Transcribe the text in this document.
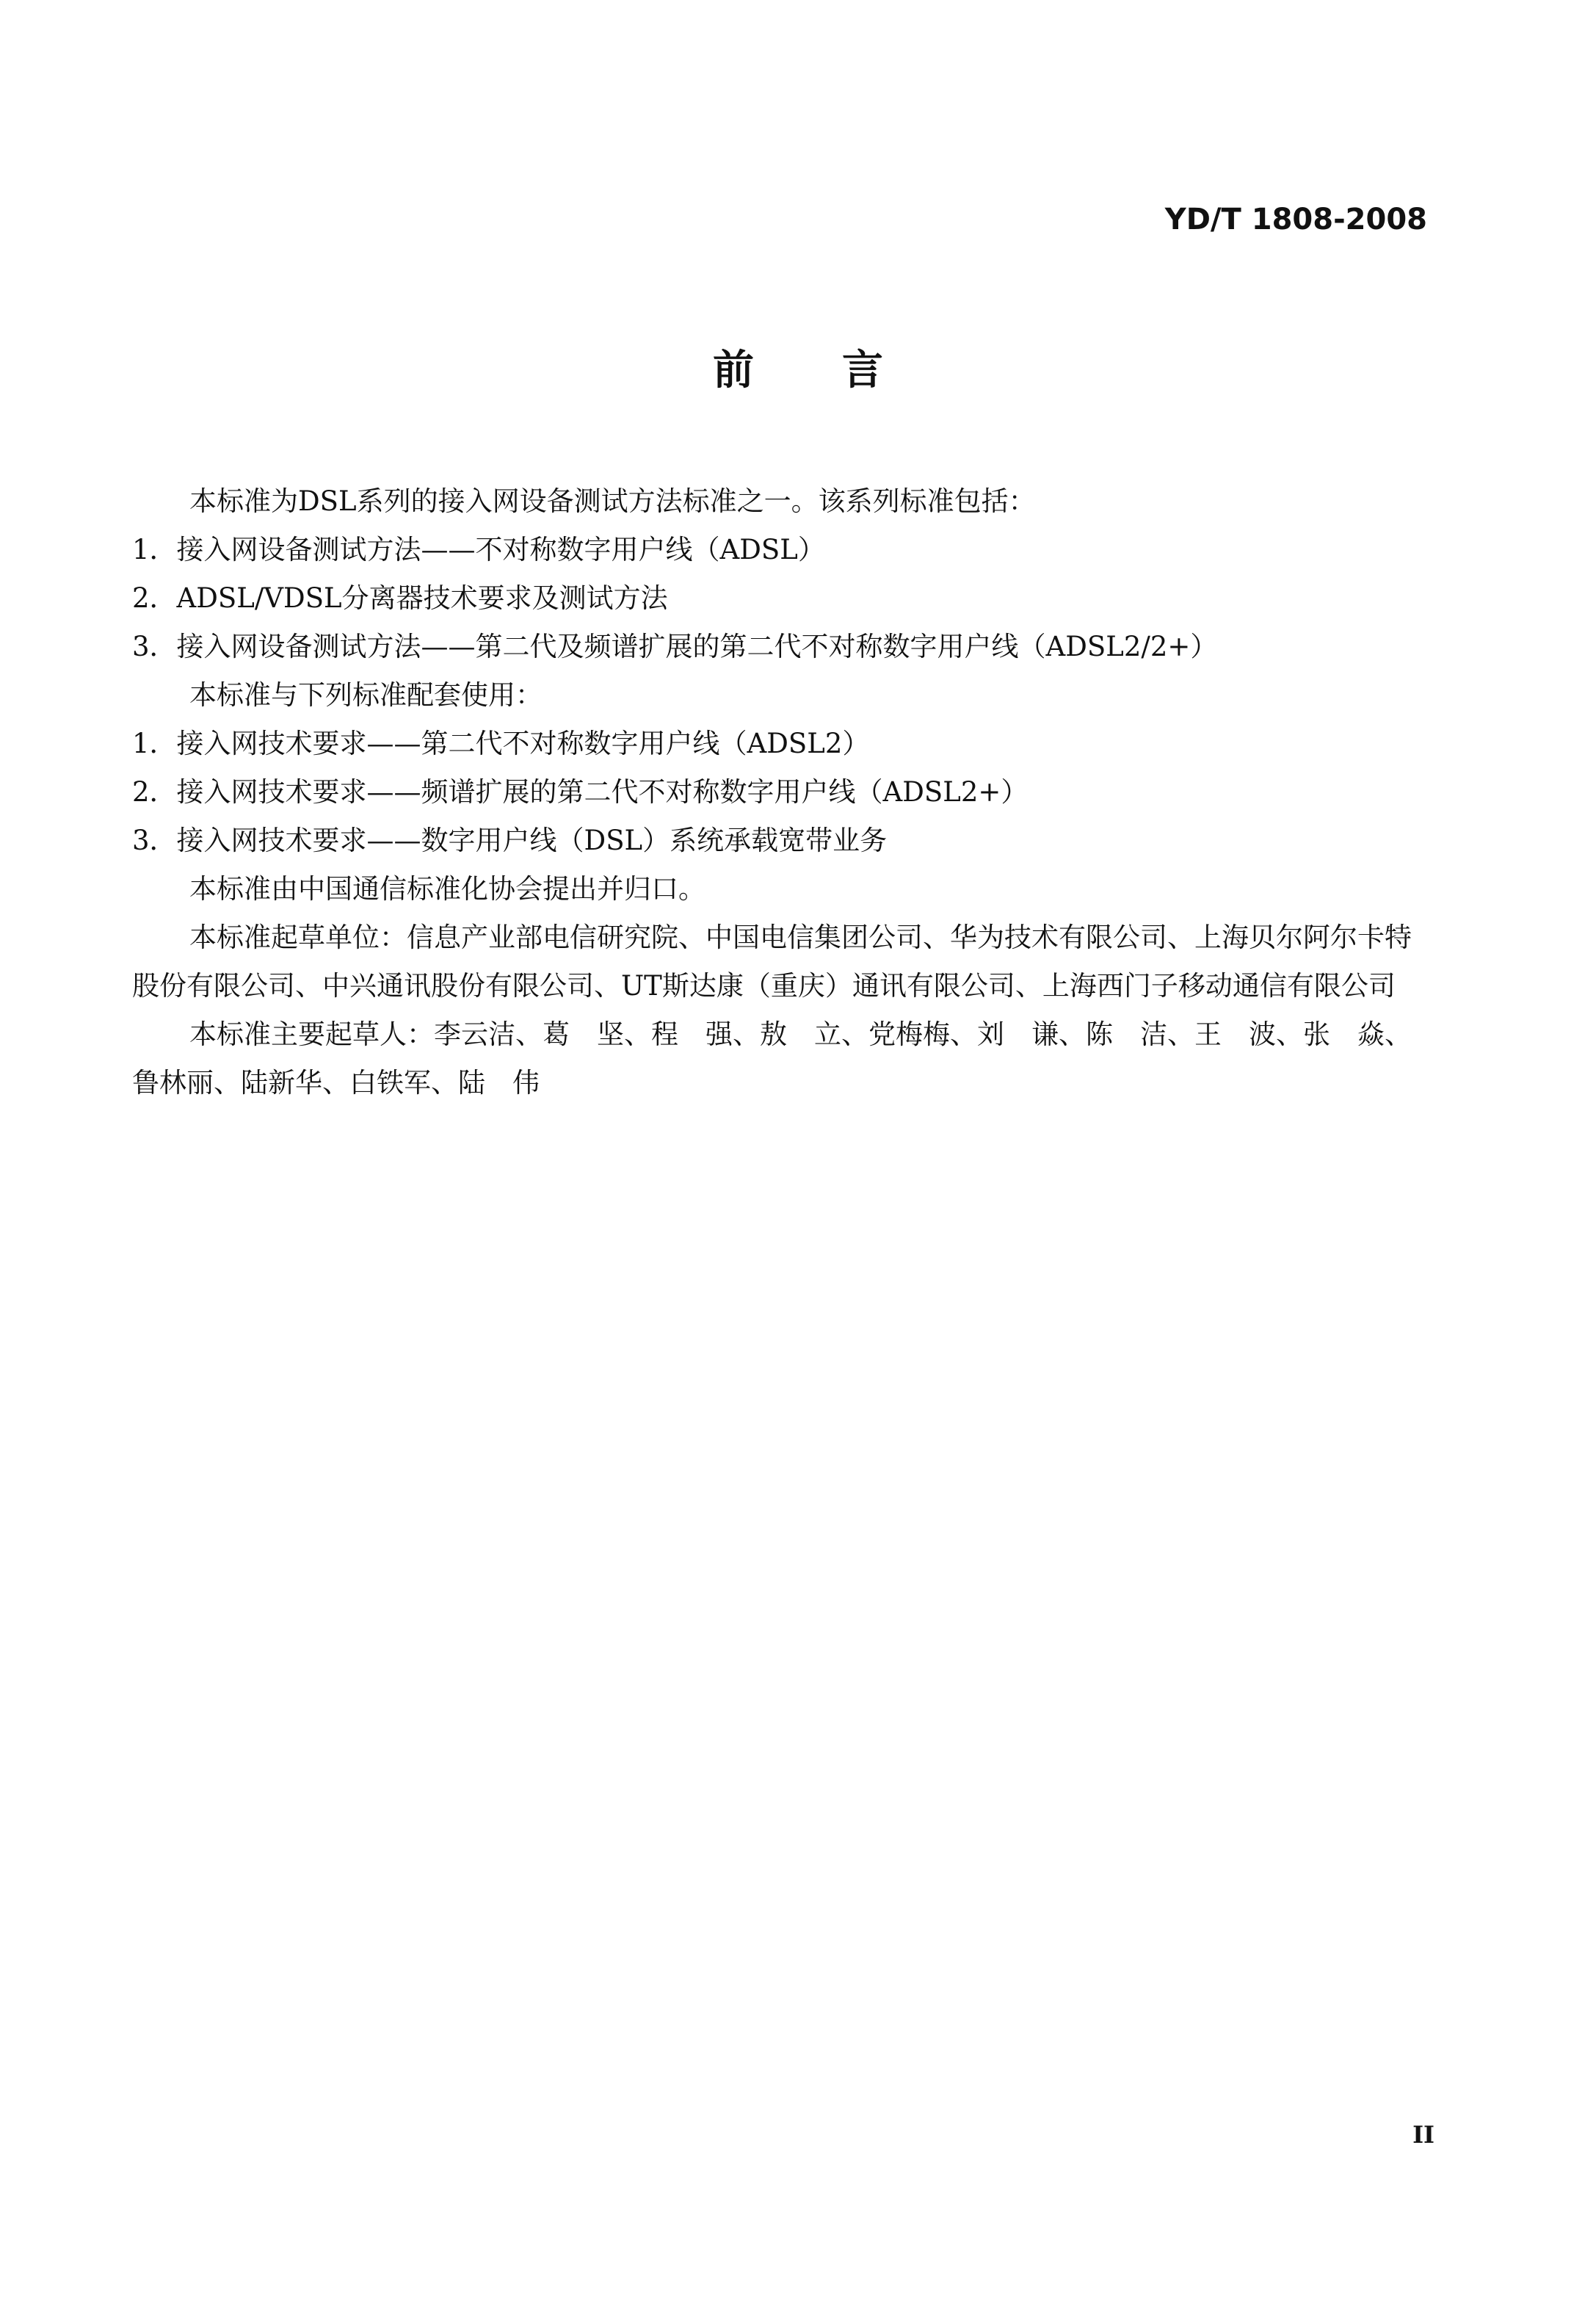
YD/T 1808-2008
前言

本标准为DSL系列的接入网设备测试方法标准之一。该系列标准包括：

1．接入网设备测试方法——不对称数字用户线（ADSL）

2．ADSL/VDSL分离器技术要求及测试方法

3．接入网设备测试方法——第二代及频谱扩展的第二代不对称数字用户线（ADSL2/2+）

本标准与下列标准配套使用：

1．接入网技术要求——第二代不对称数字用户线（ADSL2）

2．接入网技术要求——频谱扩展的第二代不对称数字用户线（ADSL2+）

3．接入网技术要求——数字用户线（DSL）系统承载宽带业务

本标准由中国通信标准化协会提出并归口。

本标准起草单位：信息产业部电信研究院、中国电信集团公司、华为技术有限公司、上海贝尔阿尔卡特股份有限公司、中兴通讯股份有限公司、UT斯达康（重庆）通讯有限公司、上海西门子移动通信有限公司

本标准主要起草人：李云洁、葛　坚、程　强、敖　立、党梅梅、刘　谦、陈　洁、王　波、张　焱、鲁林丽、陆新华、白铁军、陆　伟

II
